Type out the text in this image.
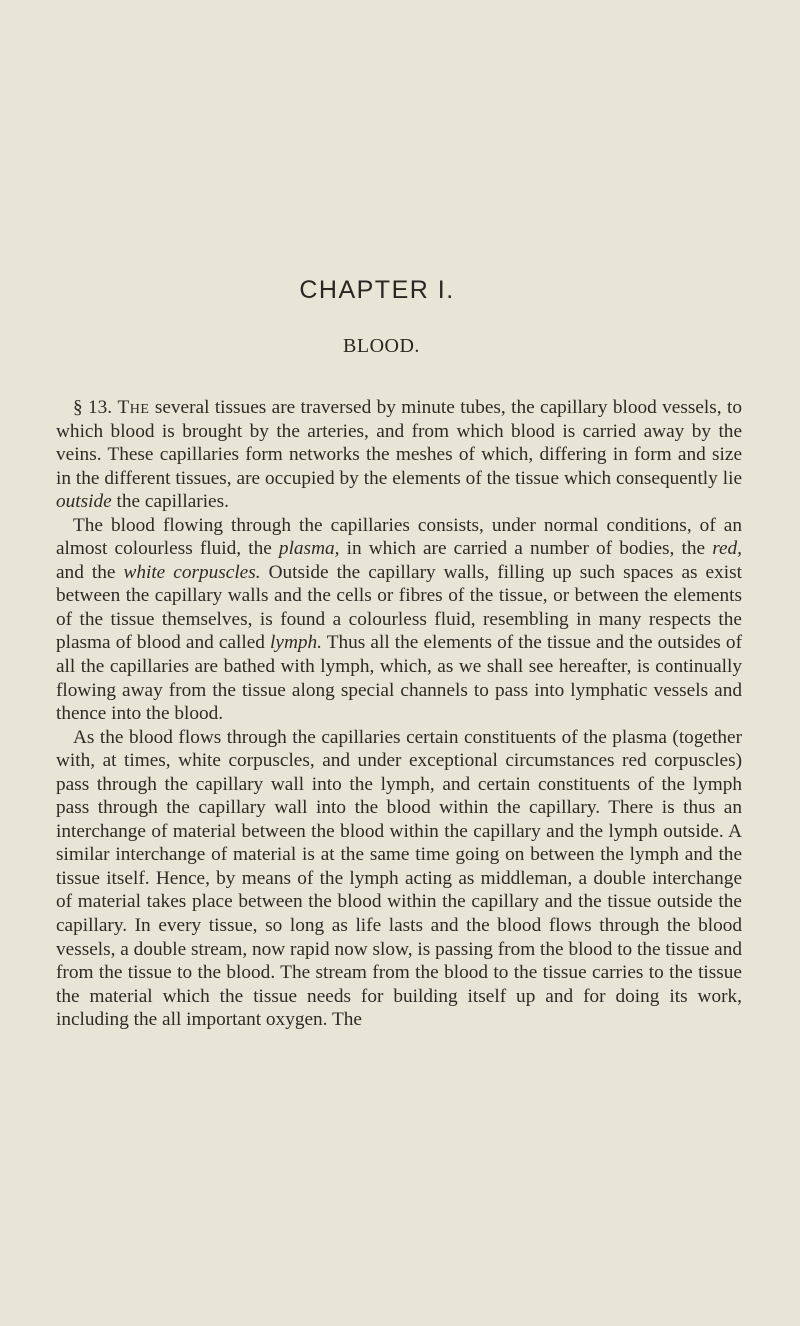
CHAPTER I.
BLOOD.

§ 13. The several tissues are traversed by minute tubes, the capillary blood vessels, to which blood is brought by the arteries, and from which blood is carried away by the veins. These capillaries form networks the meshes of which, differing in form and size in the different tissues, are occupied by the elements of the tissue which consequently lie outside the capillaries.

The blood flowing through the capillaries consists, under normal conditions, of an almost colourless fluid, the plasma, in which are carried a number of bodies, the red, and the white corpuscles. Outside the capillary walls, filling up such spaces as exist between the capillary walls and the cells or fibres of the tissue, or between the elements of the tissue themselves, is found a colourless fluid, resembling in many respects the plasma of blood and called lymph. Thus all the elements of the tissue and the outsides of all the capillaries are bathed with lymph, which, as we shall see hereafter, is continually flowing away from the tissue along special channels to pass into lymphatic vessels and thence into the blood.

As the blood flows through the capillaries certain constituents of the plasma (together with, at times, white corpuscles, and under exceptional circumstances red corpuscles) pass through the capillary wall into the lymph, and certain constituents of the lymph pass through the capillary wall into the blood within the capillary. There is thus an interchange of material between the blood within the capillary and the lymph outside. A similar interchange of material is at the same time going on between the lymph and the tissue itself. Hence, by means of the lymph acting as middleman, a double interchange of material takes place between the blood within the capillary and the tissue outside the capillary. In every tissue, so long as life lasts and the blood flows through the blood vessels, a double stream, now rapid now slow, is passing from the blood to the tissue and from the tissue to the blood. The stream from the blood to the tissue carries to the tissue the material which the tissue needs for building itself up and for doing its work, including the all important oxygen. The
